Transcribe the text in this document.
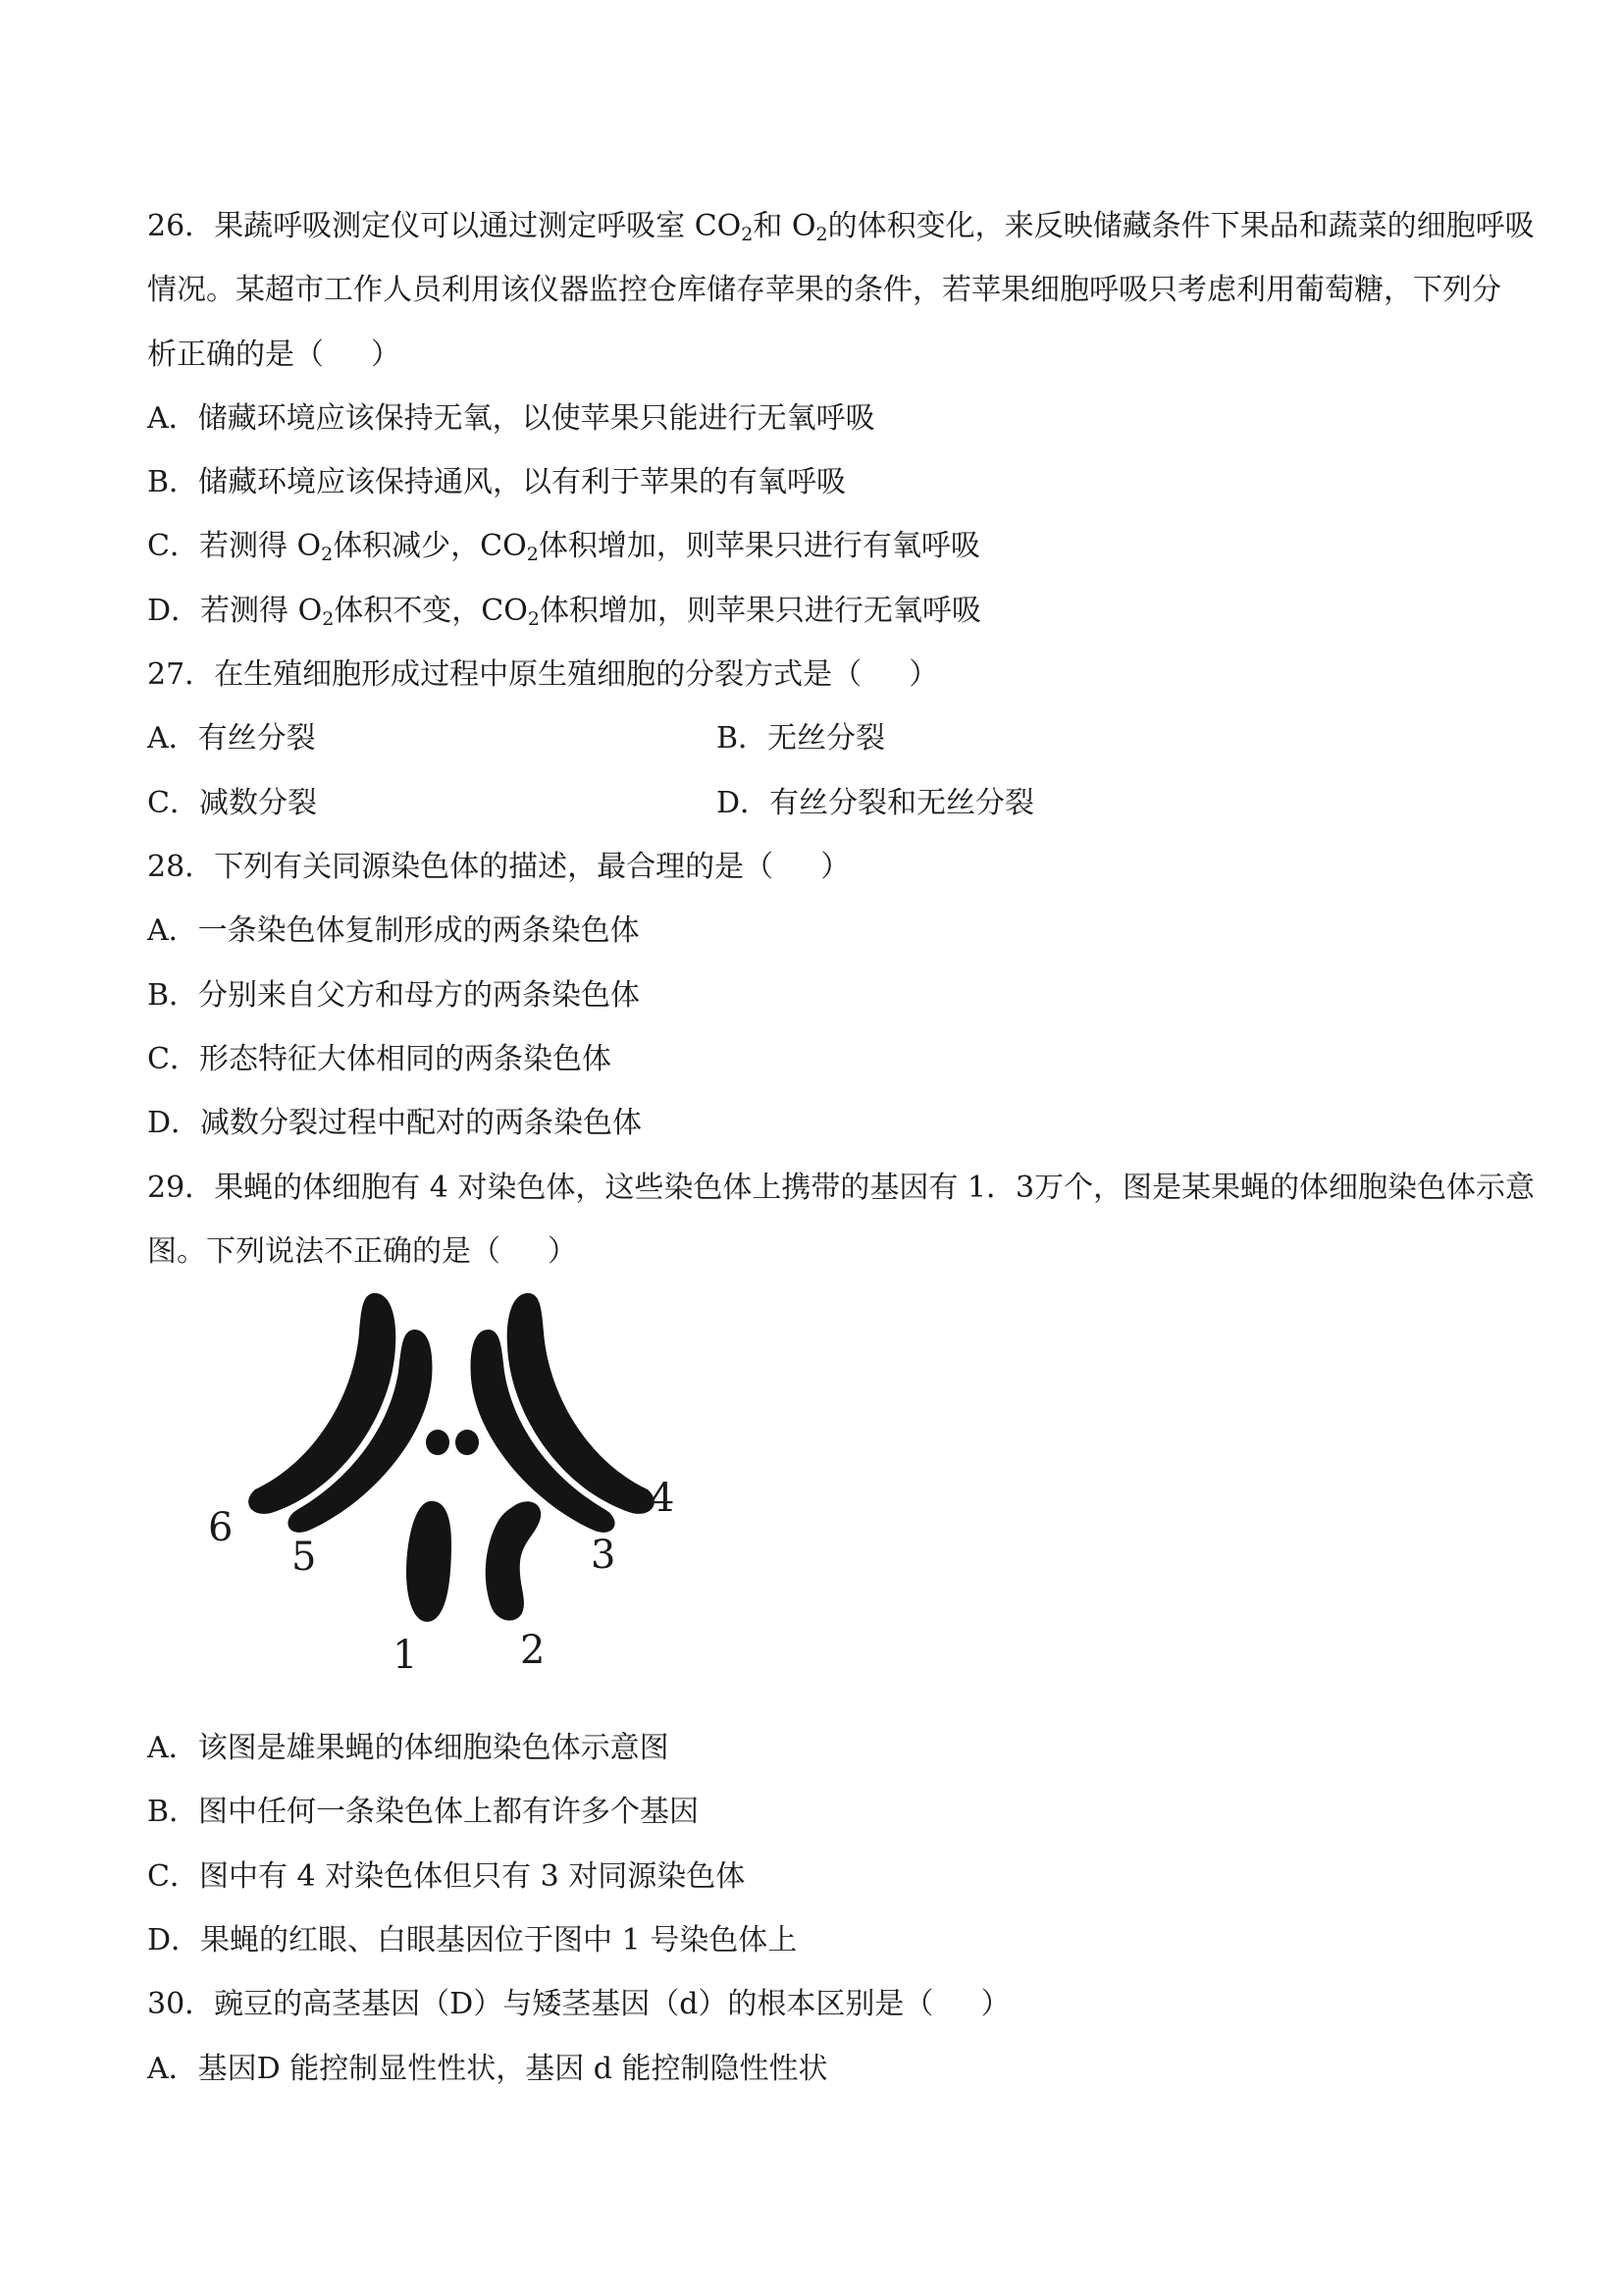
26．果蔬呼吸测定仪可以通过测定呼吸室 $CO_2$和 $O_2$的体积变化，来反映储藏条件下果品和蔬菜的细胞呼吸
情况。某超市工作人员利用该仪器监控仓库储存苹果的条件，若苹果细胞呼吸只考虑利用葡萄糖，下列分
析正确的是（ ）
A．储藏环境应该保持无氧，以使苹果只能进行无氧呼吸
B．储藏环境应该保持通风，以有利于苹果的有氧呼吸
C．若测得 $O_2$体积减少，$CO_2$体积增加，则苹果只进行有氧呼吸
D．若测得 $O_2$体积不变，$CO_2$体积增加，则苹果只进行无氧呼吸
27．在生殖细胞形成过程中原生殖细胞的分裂方式是（ ）
A．有丝分裂	B．无丝分裂
C．减数分裂	D．有丝分裂和无丝分裂
28．下列有关同源染色体的描述，最合理的是（ ）
A．一条染色体复制形成的两条染色体
B．分别来自父方和母方的两条染色体
C．形态特征大体相同的两条染色体
D．减数分裂过程中配对的两条染色体
29．果蝇的体细胞有 4 对染色体，这些染色体上携带的基因有 1．3万个，图是某果蝇的体细胞染色体示意
图。下列说法不正确的是（ ）
6
5
4
3
1	2
A．该图是雄果蝇的体细胞染色体示意图
B．图中任何一条染色体上都有许多个基因
C．图中有 4 对染色体但只有 3 对同源染色体
D．果蝇的红眼、白眼基因位于图中 1 号染色体上
30．豌豆的高茎基因（D）与矮茎基因（d）的根本区别是（ ）
A．基因D 能控制显性性状，基因 d 能控制隐性性状
